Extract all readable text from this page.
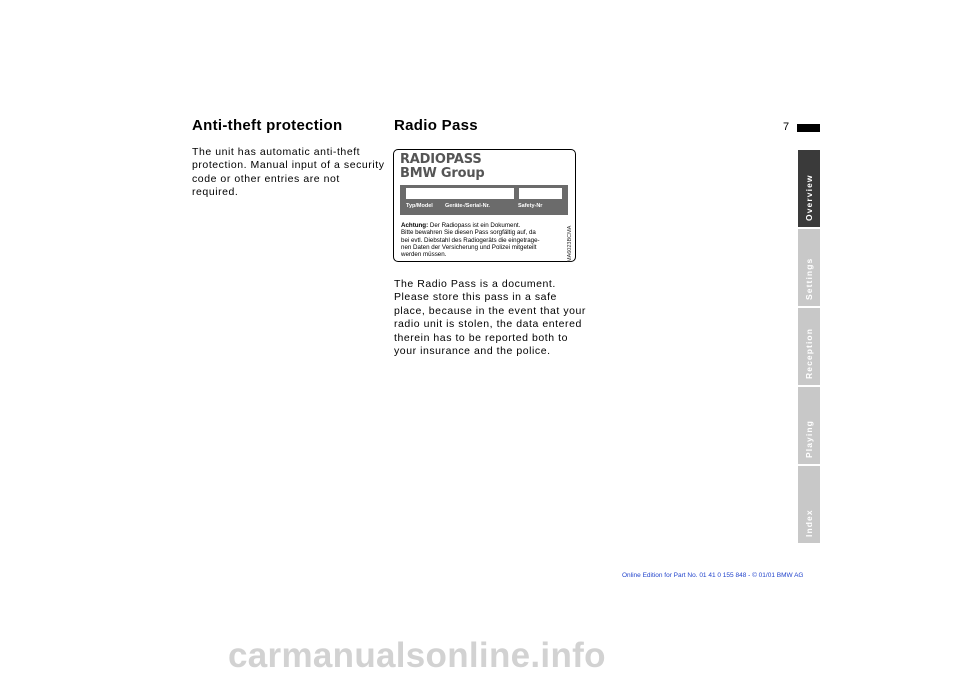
7
Anti-theft protection

The unit has automatic anti-theft protection. Manual input of a security code or other entries are not required.

Radio Pass
RADIOPASS
BMW Group
Typ/Model Geräte-/Serial-Nr.	Safety-Nr
Achtung: Der Radiopass ist ein Dokument.
Bitte bewahren Sie diesen Pass sorgfältig auf, da
bei evtl. Diebstahl des Radiogeräts die eingetrage-
nen Daten der Versicherung und Polizei mitgeteilt
werden müssen.	MA6023BCMA

The Radio Pass is a document. Please store this pass in a safe place, because in the event that your radio unit is stolen, the data entered therein has to be reported both to your insurance and the police.

Overview
Settings
Reception
Playing
Index
Online Edition for Part No. 01 41 0 155 848 - © 01/01 BMW AG
carmanualsonline.info
